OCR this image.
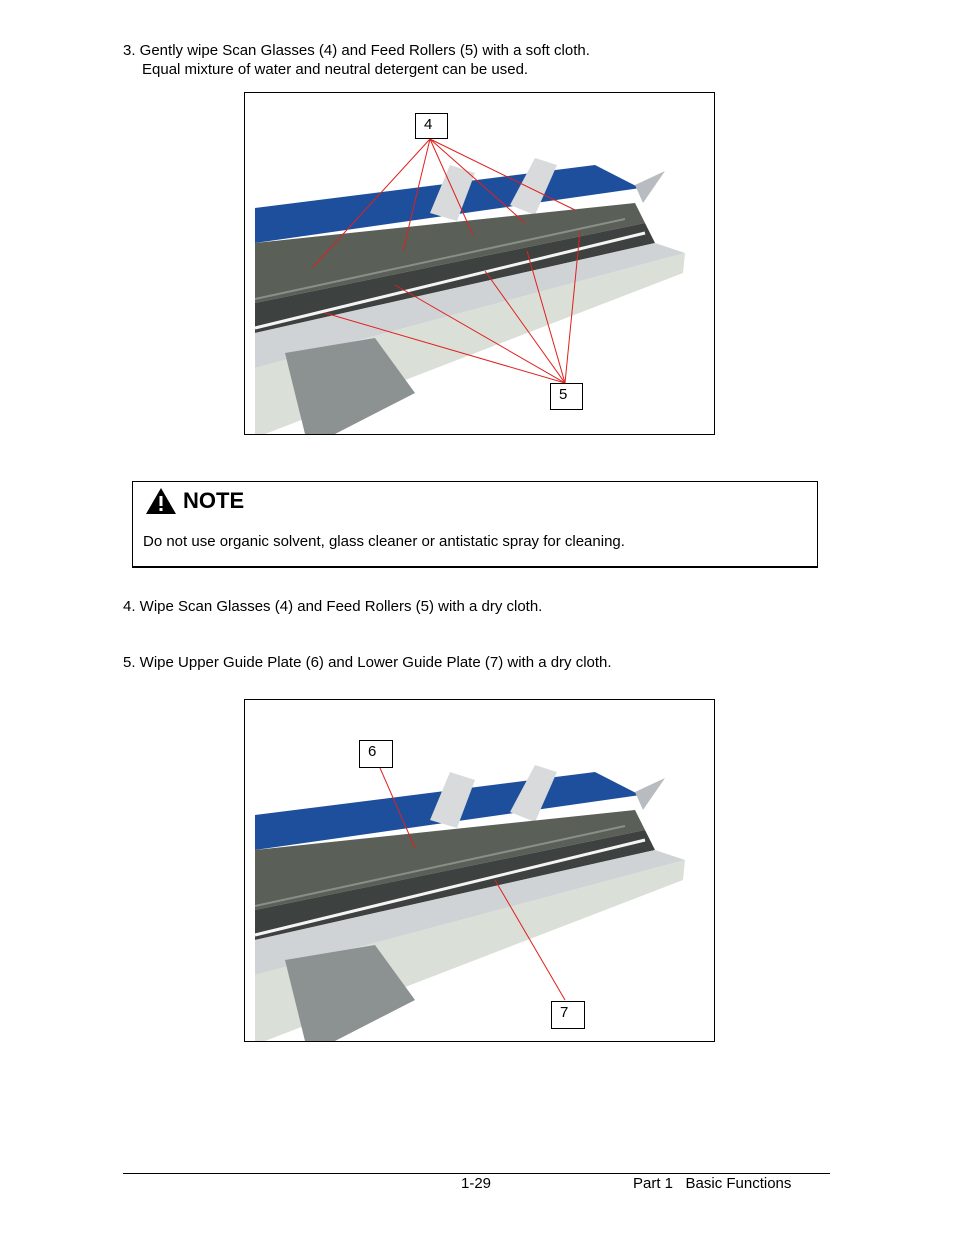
3. Gently wipe Scan Glasses (4) and Feed Rollers (5) with a soft cloth.
Equal mixture of water and neutral detergent can be used.
4
5
NOTE
Do not use organic solvent, glass cleaner or antistatic spray for cleaning.
4. Wipe Scan Glasses (4) and Feed Rollers (5) with a dry cloth.
5. Wipe Upper Guide Plate (6) and Lower Guide Plate (7) with a dry cloth.
6
7
1-29	Part 1   Basic Functions
